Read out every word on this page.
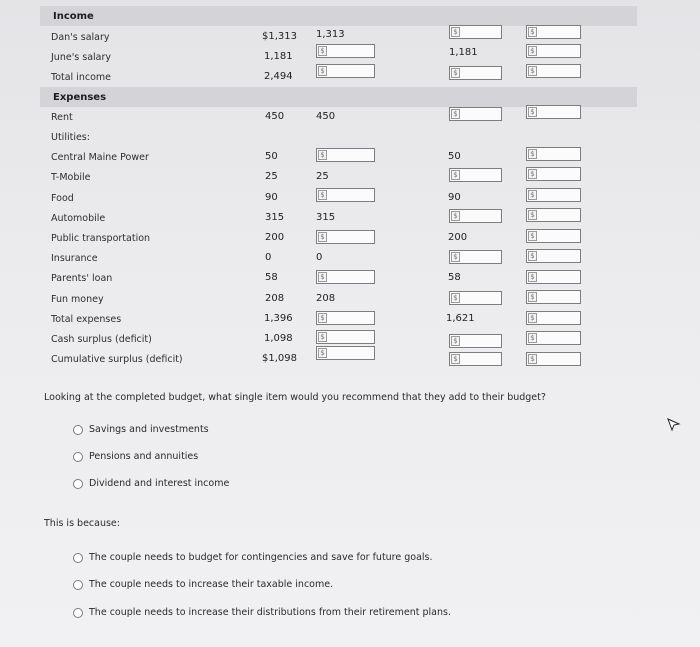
Income
Expenses
Dan's salary
June's salary
Total income
Rent
Utilities:
Central Maine Power
T-Mobile
Food
Automobile
Public transportation
Insurance
Parents' loan
Fun money
Total expenses
Cash surplus (deficit)
Cumulative surplus (deficit)
$1,313
1,181
2,494
450
50
25
90
315
200
0
58
208
1,396
1,098
$1,098
1,313
450
25
315
0
208
1,181
50
90
200
58
1,621
$
$
$
$
$
$
$
$
$
$
$
$
$
$
$
$
$
$
$
$
$
$
$
$
$
$
$
$
$
$
$
$
$
Looking at the completed budget, what single item would you recommend that they add to their budget?
Savings and investments
Pensions and annuities
Dividend and interest income
This is because:
The couple needs to budget for contingencies and save for future goals.
The couple needs to increase their taxable income.
The couple needs to increase their distributions from their retirement plans.
